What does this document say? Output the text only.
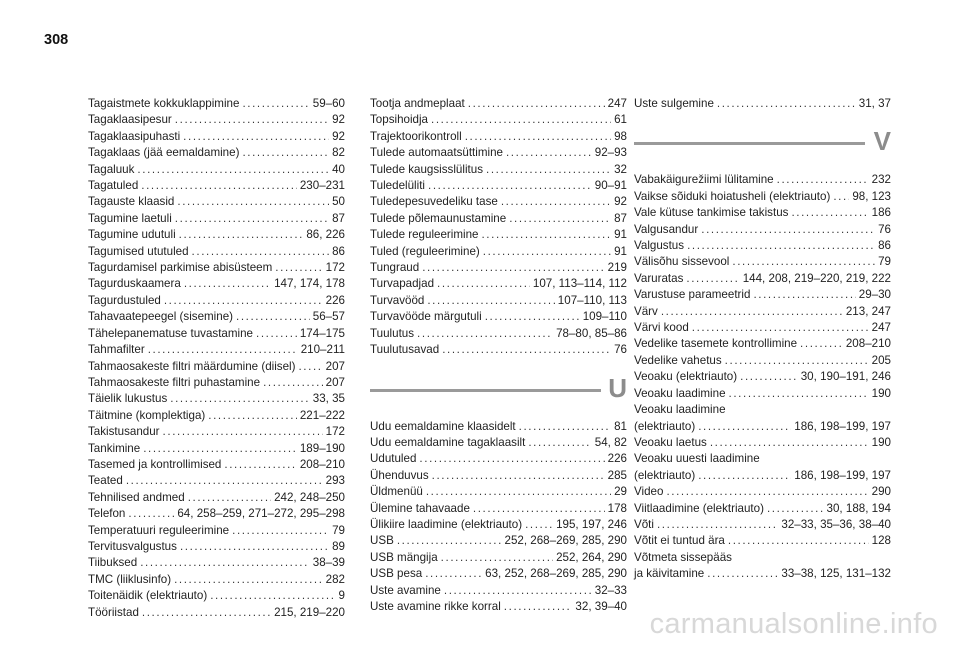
308
Tagaistmete kokkuklappimine .....	59–60
Tagaklaasipesur .....	92
Tagaklaasipuhasti .....	92
Tagaklaas (jää eemaldamine) .....	82
Tagaluuk .....	40
Tagatuled .....	230–231
Tagauste klaasid .....	50
Tagumine laetuli .....	87
Tagumine udutuli .....	86, 226
Tagumised ututuled .....	86
Tagurdamisel parkimise abisüsteem .....	172
Tagurduskaamera .....	147, 174, 178
Tagurdustuled .....	226
Tahavaatepeegel (sisemine) .....	56–57
Tähelepanematuse tuvastamine .....	174–175
Tahmafilter .....	210–211
Tahmaosakeste filtri määrdumine (diisel) .....	207
Tahmaosakeste filtri puhastamine .....	207
Täielik lukustus .....	33, 35
Täitmine (komplektiga) .....	221–222
Takistusandur .....	172
Tankimine .....	189–190
Tasemed ja kontrollimised .....	208–210
Teated .....	293
Tehnilised andmed .....	242, 248–250
Telefon .....	64, 258–259, 271–272, 295–298
Temperatuuri reguleerimine .....	79
Tervitusvalgustus .....	89
Tiibuksed .....	38–39
TMC (liiklusinfo) .....	282
Toitenäidik (elektriauto) .....	9
Tööriistad .....	215, 219–220
Tootja andmeplaat .....	247
Topsihoidja .....	61
Trajektoorikontroll .....	98
Tulede automaatsüttimine .....	92–93
Tulede kaugsisslülitus .....	32
Tuledelüliti .....	90–91
Tuledepesuvedeliku tase .....	92
Tulede põlemaunustamine .....	87
Tulede reguleerimine .....	91
Tuled (reguleerimine) .....	91
Tungraud .....	219
Turvapadjad .....	107, 113–114, 112
Turvavööd .....	107–110, 113
Turvavööde märgutuli .....	109–110
Tuulutus .....	78–80, 85–86
Tuulutusavad .....	76
U
Udu eemaldamine klaasidelt .....	81
Udu eemaldamine tagaklaasilt .....	54, 82
Udutuled .....	226
Ühenduvus .....	285
Üldmenüü .....	29
Ülemine tahavaade .....	178
Ülikiire laadimine (elektriauto) .....	195, 197, 246
USB .....	252, 268–269, 285, 290
USB mängija .....	252, 264, 290
USB pesa .....	63, 252, 268–269, 285, 290
Uste avamine .....	32–33
Uste avamine rikke korral .....	32, 39–40
Uste sulgemine .....	31, 37
V
Vabakäigurežiimi lülitamine .....	232
Vaikse sõiduki hoiatusheli (elektriauto) ..... 98, 123
Vale kütuse tankimise takistus .....	186
Valgusandur .....	76
Valgustus .....	86
Välisõhu sissevool .....	79
Varuratas .....	144, 208, 219–220, 219, 222
Varustuse parameetrid .....	29–30
Värv .....	213, 247
Värvi kood .....	247
Vedelike tasemete kontrollimine .....	208–210
Vedelike vahetus .....	205
Veoaku (elektriauto) .....	30, 190–191, 246
Veoaku laadimine .....	190
Veoaku laadimine
(elektriauto) .....	186, 198–199, 197
Veoaku laetus .....	190
Veoaku uuesti laadimine
(elektriauto) .....	186, 198–199, 197
Video .....	290
Viitlaadimine (elektriauto) .....	30, 188, 194
Võti .....	32–33, 35–36, 38–40
Võtit ei tuntud ära .....	128
Võtmeta sissepääs
ja käivitamine .....	33–38, 125, 131–132
carmanualsonline.info
